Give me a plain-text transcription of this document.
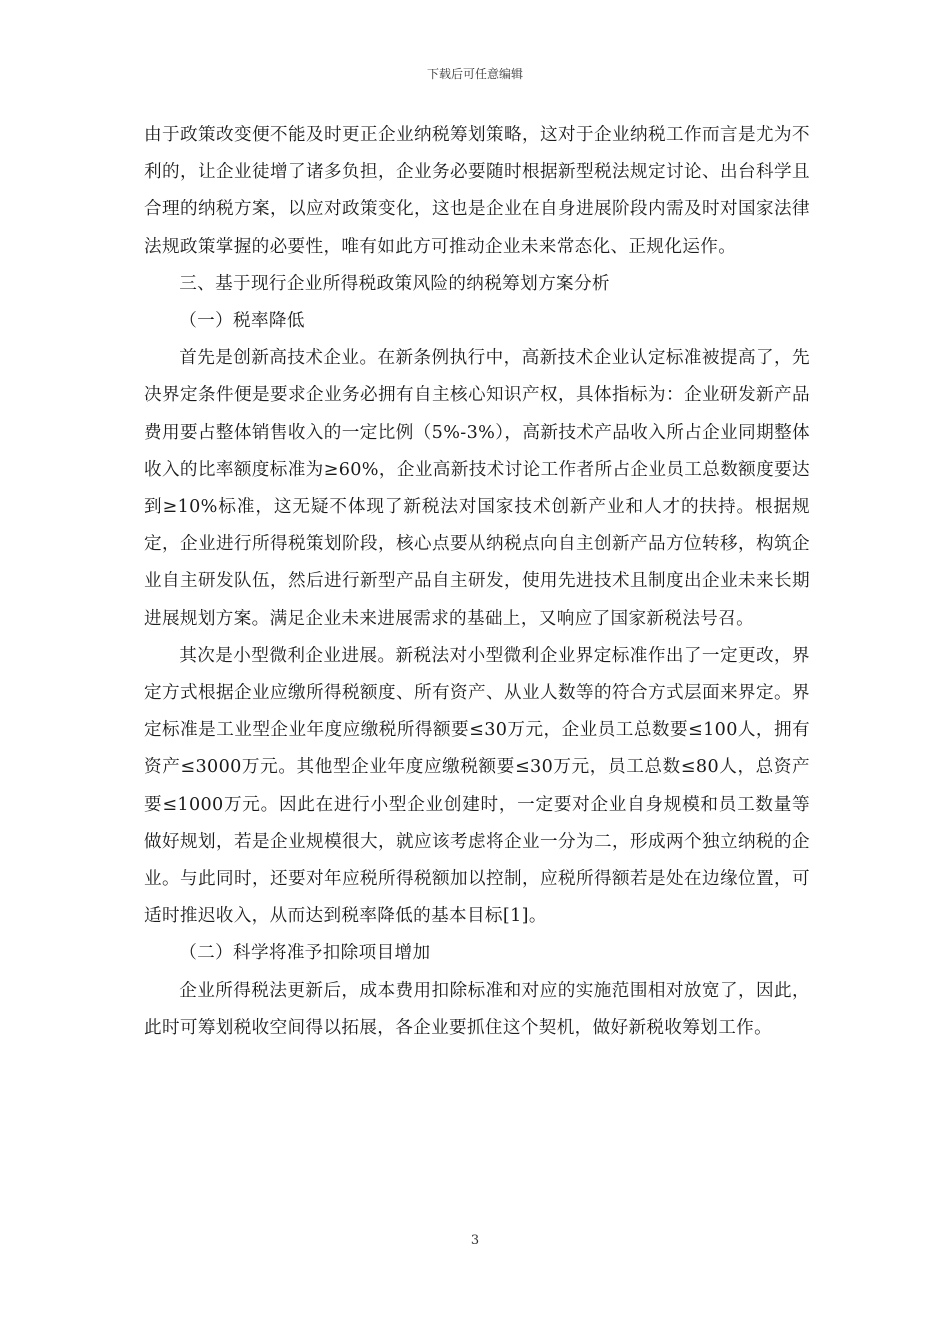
下载后可任意编辑

由于政策改变便不能及时更正企业纳税筹划策略，这对于企业纳税工作而言是尤为不利的，让企业徒增了诸多负担，企业务必要随时根据新型税法规定讨论、出台科学且合理的纳税方案，以应对政策变化，这也是企业在自身进展阶段内需及时对国家法律法规政策掌握的必要性，唯有如此方可推动企业未来常态化、正规化运作。

三、基于现行企业所得税政策风险的纳税筹划方案分析

（一）税率降低

首先是创新高技术企业。在新条例执行中，高新技术企业认定标准被提高了，先决界定条件便是要求企业务必拥有自主核心知识产权，具体指标为：企业研发新产品费用要占整体销售收入的一定比例（5%-3%），高新技术产品收入所占企业同期整体收入的比率额度标准为≥60%，企业高新技术讨论工作者所占企业员工总数额度要达到≥10%标准，这无疑不体现了新税法对国家技术创新产业和人才的扶持。根据规定，企业进行所得税策划阶段，核心点要从纳税点向自主创新产品方位转移，构筑企业自主研发队伍，然后进行新型产品自主研发，使用先进技术且制度出企业未来长期进展规划方案。满足企业未来进展需求的基础上，又响应了国家新税法号召。

其次是小型微利企业进展。新税法对小型微利企业界定标准作出了一定更改，界定方式根据企业应缴所得税额度、所有资产、从业人数等的符合方式层面来界定。界定标准是工业型企业年度应缴税所得额要≤30万元，企业员工总数要≤100人，拥有资产≤3000万元。其他型企业年度应缴税额要≤30万元，员工总数≤80人，总资产要≤1000万元。因此在进行小型企业创建时，一定要对企业自身规模和员工数量等做好规划，若是企业规模很大，就应该考虑将企业一分为二，形成两个独立纳税的企业。与此同时，还要对年应税所得税额加以控制，应税所得额若是处在边缘位置，可适时推迟收入，从而达到税率降低的基本目标[1]。

（二）科学将准予扣除项目增加

企业所得税法更新后，成本费用扣除标准和对应的实施范围相对放宽了，因此，此时可筹划税收空间得以拓展，各企业要抓住这个契机，做好新税收筹划工作。

3
